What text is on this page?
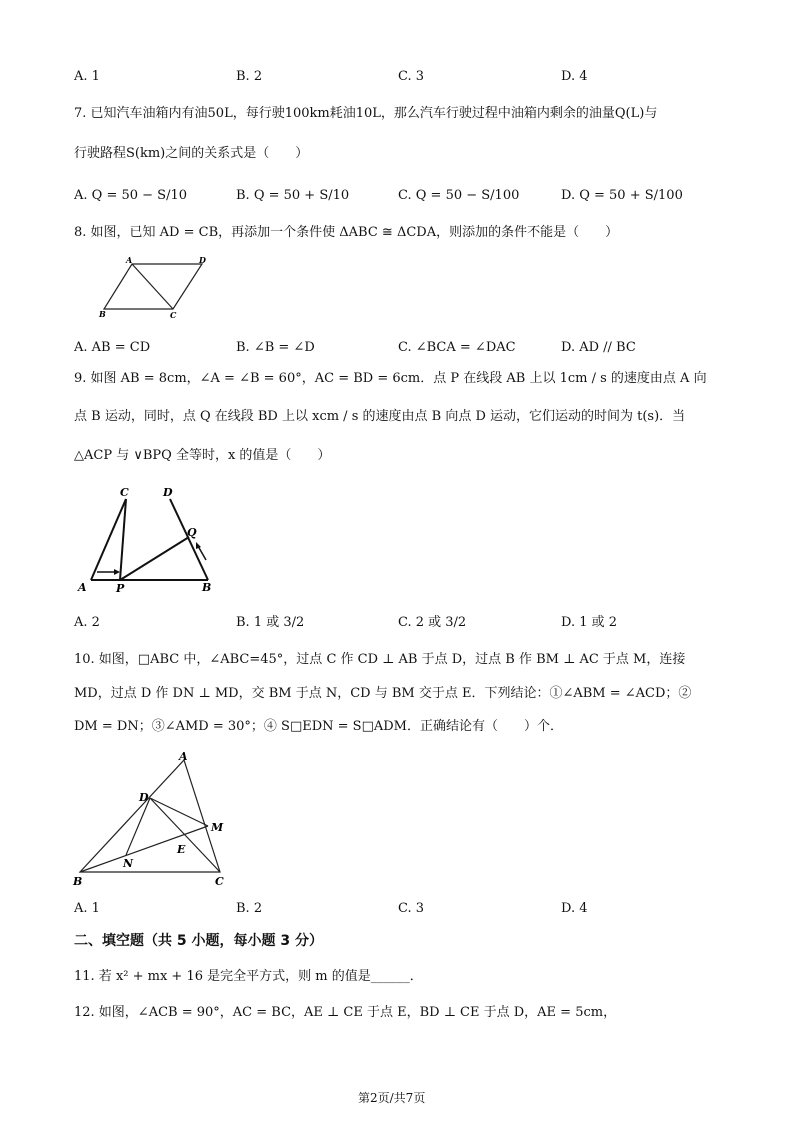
A. 1	B. 2	C. 3	D. 4
7. 已知汽车油箱内有油50L，每行驶100km耗油10L，那么汽车行驶过程中油箱内剩余的油量Q(L)与
行驶路程S(km)之间的关系式是（　　）
A. Q = 50 − S/10	B. Q = 50 + S/10	C. Q = 50 − S/100	D. Q = 50 + S/100
8. 如图，已知 AD = CB，再添加一个条件使 ΔABC ≅ ΔCDA，则添加的条件不能是（　　）
A	D
B	C
A. AB = CD	B. ∠B = ∠D	C. ∠BCA = ∠DAC	D. AD // BC
9. 如图 AB = 8cm，∠A = ∠B = 60°，AC = BD = 6cm．点 P 在线段 AB 上以 1cm / s 的速度由点 A 向
点 B 运动，同时，点 Q 在线段 BD 上以 xcm / s 的速度由点 B 向点 D 运动，它们运动的时间为 t(s)．当
△ACP 与 ∨BPQ 全等时，x 的值是（　　）
C	D
Q
A	P	B
A. 2	B. 1 或 3/2	C. 2 或 3/2	D. 1 或 2
10. 如图，□ABC 中，∠ABC=45°，过点 C 作 CD ⊥ AB 于点 D，过点 B 作 BM ⊥ AC 于点 M，连接
MD，过点 D 作 DN ⊥ MD，交 BM 于点 N，CD 与 BM 交于点 E．下列结论：①∠ABM = ∠ACD；②
DM = DN；③∠AMD = 30°；④ S□EDN = S□ADM．正确结论有（　　）个．
A
D
M
E
N
B	C
A. 1	B. 2	C. 3	D. 4
二、填空题（共 5 小题，每小题 3 分）
11. 若 x² + mx + 16 是完全平方式，则 m 的值是______．
12. 如图，∠ACB = 90°，AC = BC，AE ⊥ CE 于点 E，BD ⊥ CE 于点 D，AE = 5cm，
第2页/共7页
